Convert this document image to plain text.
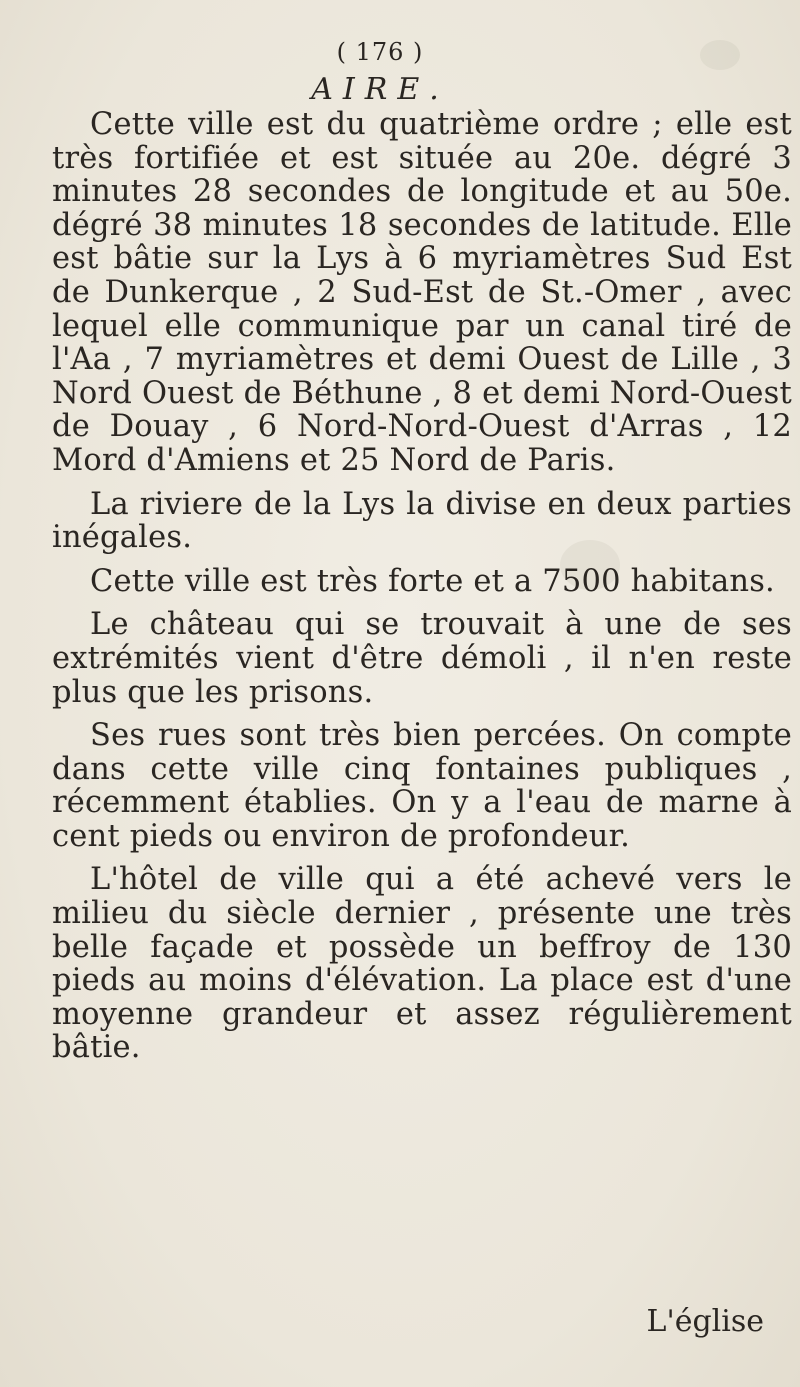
( 176 )
AIRE.

Cette ville est du quatrième ordre ; elle est très fortifiée et est située au 20e. dégré 3 minutes 28 secondes de longitude et au 50e. dégré 38 minutes 18 secondes de latitude. Elle est bâtie sur la Lys à 6 myriamètres Sud Est de Dunkerque , 2 Sud-Est de St.-Omer , avec lequel elle communique par un canal tiré de l'Aa , 7 myriamètres et demi Ouest de Lille , 3 Nord Ouest de Béthune , 8 et demi Nord-Ouest de Douay , 6 Nord-Nord-Ouest d'Arras , 12 Mord d'Amiens et 25 Nord de Paris.

La riviere de la Lys la divise en deux parties inégales.

Cette ville est très forte et a 7500 habitans.

Le château qui se trouvait à une de ses extrémités vient d'être démoli , il n'en reste plus que les prisons.

Ses rues sont très bien percées. On compte dans cette ville cinq fontaines publiques , récemment établies. On y a l'eau de marne à cent pieds ou environ de profondeur.

L'hôtel de ville qui a été achevé vers le milieu du siècle dernier , présente une très belle façade et possède un beffroy de 130 pieds au moins d'élévation. La place est d'une moyenne grandeur et assez régulièrement bâtie.

L'église
